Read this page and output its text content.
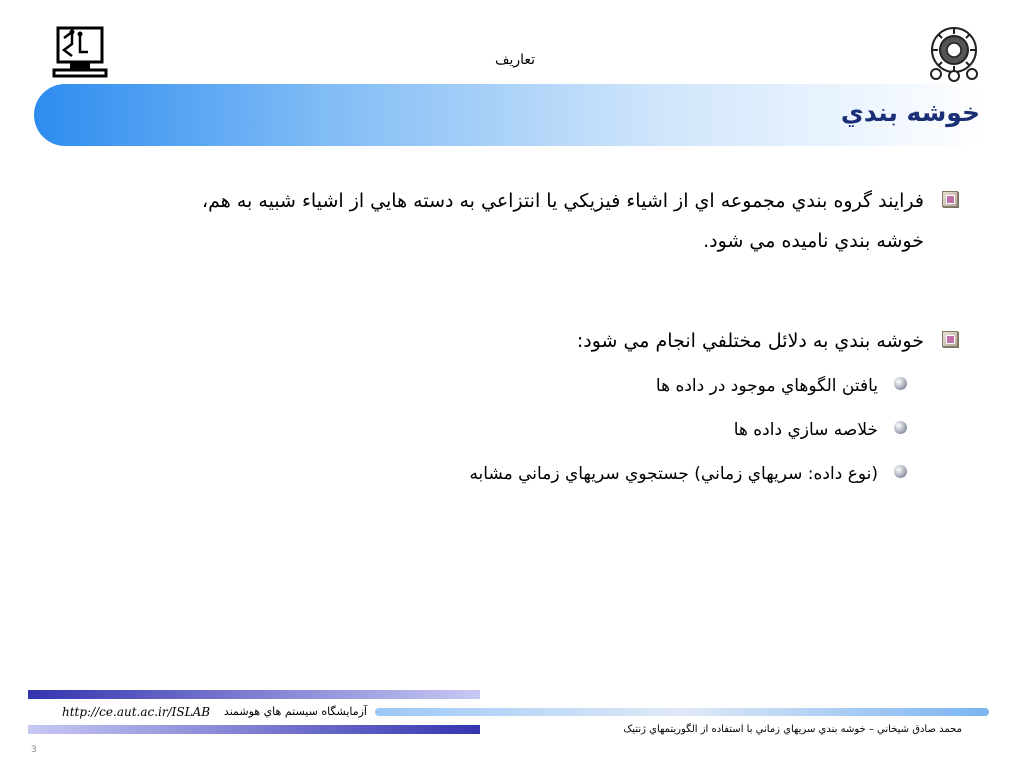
تعاريف
خوشه بندي
فرايند گروه بندي مجموعه اي از اشياء فيزيكي يا انتزاعي به دسته هايي از اشياء شبيه به هم،
خوشه بندي ناميده مي شود.
خوشه بندي به دلائل مختلفي انجام مي شود:
يافتن الگوهاي موجود در داده ها
خلاصه سازي داده ها
(نوع داده: سريهاي زماني) جستجوي سريهاي زماني مشابه
http://ce.aut.ac.ir/ISLAB	آزمايشگاه سيستم هاي هوشمند
محمد صادق شيخاني – خوشه بندي سريهاي زماني با استفاده از الگوريتمهاي ژنتيک
3
